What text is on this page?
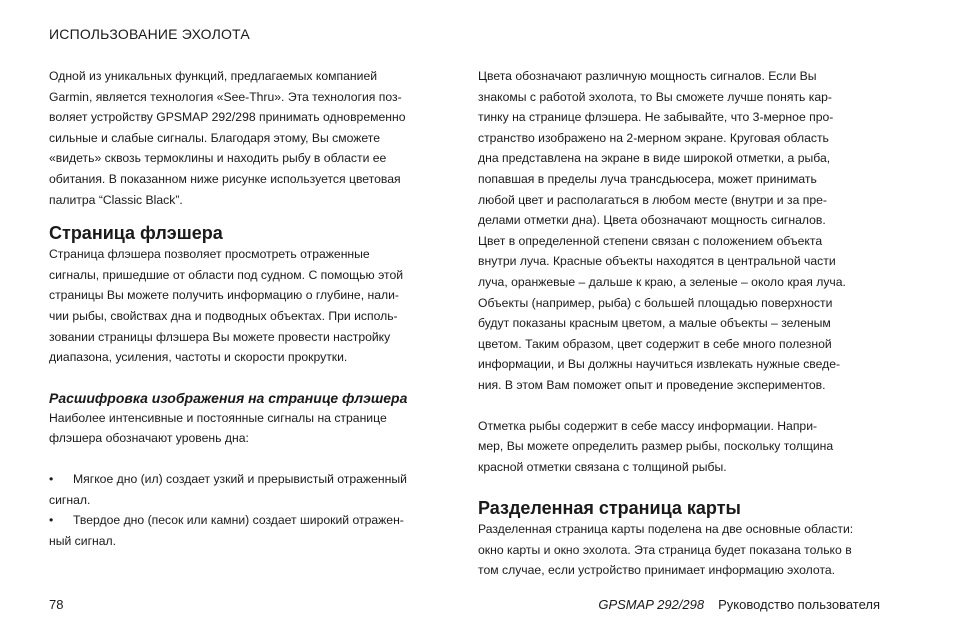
ИСПОЛЬЗОВАНИЕ ЭХОЛОТА

Одной из уникальных функций, предлагаемых компанией
Garmin, является технология «See-Thru». Эта технология поз-
воляет устройству GPSMAP 292/298 принимать одновременно
сильные и слабые сигналы. Благодаря этому, Вы сможете
«видеть» сквозь термоклины и находить рыбу в области ее
обитания. В показанном ниже рисунке используется цветовая
палитра “Classic Black”.

Страница флэшера

Страница флэшера позволяет просмотреть отраженные
сигналы, пришедшие от области под судном. С помощью этой
страницы Вы можете получить информацию о глубине, нали-
чии рыбы, свойствах дна и подводных объектах. При исполь-
зовании страницы флэшера Вы можете провести настройку
диапазона, усиления, частоты и скорости прокрутки.

Расшифровка изображения на странице флэшера

Наиболее интенсивные и постоянные сигналы на странице
флэшера обозначают уровень дна:

• Мягкое дно (ил) создает узкий и прерывистый отраженный
сигнал.
• Твердое дно (песок или камни) создает широкий отражен-
ный сигнал.

Цвета обозначают различную мощность сигналов. Если Вы
знакомы с работой эхолота, то Вы сможете лучше понять кар-
тинку на странице флэшера. Не забывайте, что 3-мерное про-
странство изображено на 2-мерном экране. Круговая область
дна представлена на экране в виде широкой отметки, а рыба,
попавшая в пределы луча трансдьюсера, может принимать
любой цвет и располагаться в любом месте (внутри и за пре-
делами отметки дна). Цвета обозначают мощность сигналов.
Цвет в определенной степени связан с положением объекта
внутри луча. Красные объекты находятся в центральной части
луча, оранжевые – дальше к краю, а зеленые – около края луча.
Объекты (например, рыба) с большей площадью поверхности
будут показаны красным цветом, а малые объекты – зеленым
цветом. Таким образом, цвет содержит в себе много полезной
информации, и Вы должны научиться извлекать нужные сведе-
ния. В этом Вам поможет опыт и проведение экспериментов.

Отметка рыбы содержит в себе массу информации. Напри-
мер, Вы можете определить размер рыбы, поскольку толщина
красной отметки связана с толщиной рыбы.

Разделенная страница карты

Разделенная страница карты поделена на две основные области:
окно карты и окно эхолота. Эта страница будет показана только в
том случае, если устройство принимает информацию эхолота.

78	GPSMAP 292/298 Руководство пользователя
